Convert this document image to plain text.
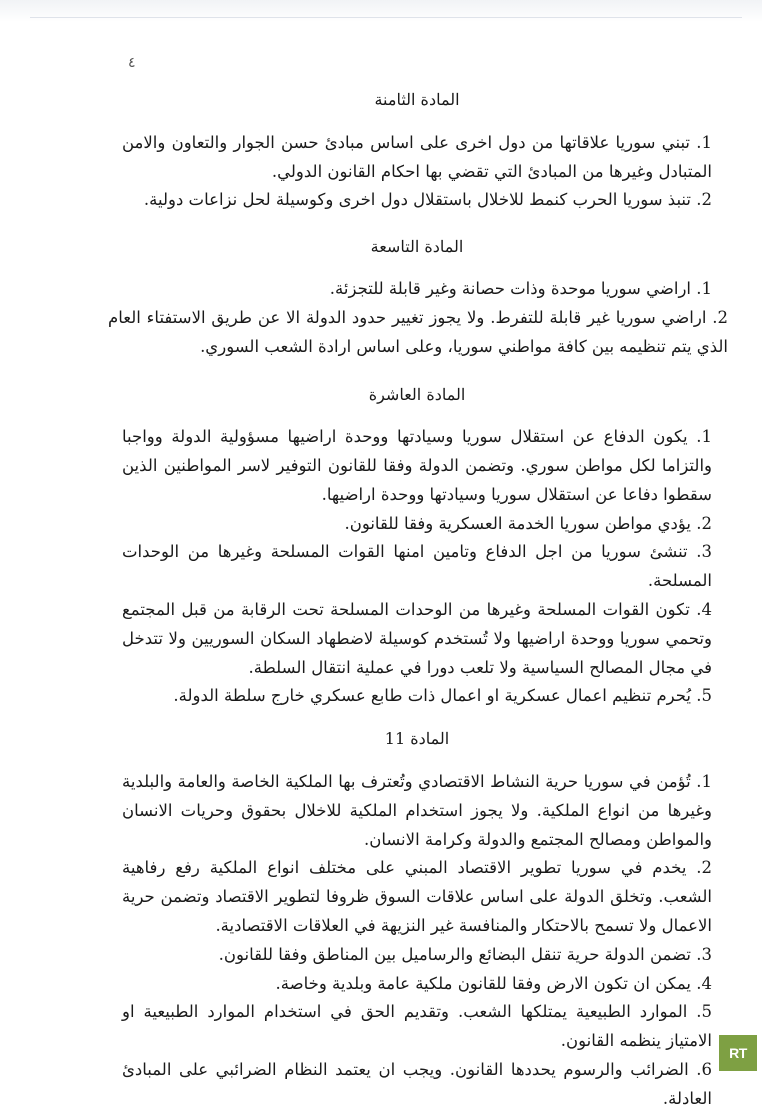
٤
المادة الثامنة

1. تبني سوريا علاقاتها من دول اخرى على اساس مبادئ حسن الجوار والتعاون والامن المتبادل وغيرها من المبادئ التي تقضي بها احكام القانون الدولي.

2. تنبذ سوريا الحرب كنمط للاخلال باستقلال دول اخرى وكوسيلة لحل نزاعات دولية.

المادة التاسعة

1. اراضي سوريا موحدة وذات حصانة وغير قابلة للتجزئة.

2. اراضي سوريا غير قابلة للتفرط. ولا يجوز تغيير حدود الدولة الا عن طريق الاستفتاء العام الذي يتم تنظيمه بين كافة مواطني سوريا، وعلى اساس ارادة الشعب السوري.

المادة العاشرة

1. يكون الدفاع عن استقلال سوريا وسيادتها ووحدة اراضيها مسؤولية الدولة وواجبا والتزاما لكل مواطن سوري. وتضمن الدولة وفقا للقانون التوفير لاسر المواطنين الذين سقطوا دفاعا عن استقلال سوريا وسيادتها ووحدة اراضيها.

2. يؤدي مواطن سوريا الخدمة العسكرية وفقا للقانون.

3. تنشئ سوريا من اجل الدفاع وتامين امنها القوات المسلحة وغيرها من الوحدات المسلحة.

4. تكون القوات المسلحة وغيرها من الوحدات المسلحة تحت الرقابة من قبل المجتمع وتحمي سوريا ووحدة اراضيها ولا تُستخدم كوسيلة لاضطهاد السكان السوريين ولا تتدخل في مجال المصالح السياسية ولا تلعب دورا في عملية انتقال السلطة.

5. يُحرم تنظيم اعمال عسكرية او اعمال ذات طابع عسكري خارج سلطة الدولة.

المادة 11

1. تُؤمن في سوريا حرية النشاط الاقتصادي وتُعترف بها الملكية الخاصة والعامة والبلدية وغيرها من انواع الملكية. ولا يجوز استخدام الملكية للاخلال بحقوق وحريات الانسان والمواطن ومصالح المجتمع والدولة وكرامة الانسان.

2. يخدم في سوريا تطوير الاقتصاد المبني على مختلف انواع الملكية رفع رفاهية الشعب. وتخلق الدولة على اساس علاقات السوق ظروفا لتطوير الاقتصاد وتضمن حرية الاعمال ولا تسمح بالاحتكار والمنافسة غير النزيهة في العلاقات الاقتصادية.

3. تضمن الدولة حرية تنقل البضائع والرساميل بين المناطق وفقا للقانون.

4. يمكن ان تكون الارض وفقا للقانون ملكية عامة وبلدية وخاصة.

5. الموارد الطبيعية يمتلكها الشعب. وتقديم الحق في استخدام الموارد الطبيعية او الامتياز ينظمه القانون.

6. الضرائب والرسوم يحددها القانون. ويجب ان يعتمد النظام الضرائبي على المبادئ العادلة.

RT
